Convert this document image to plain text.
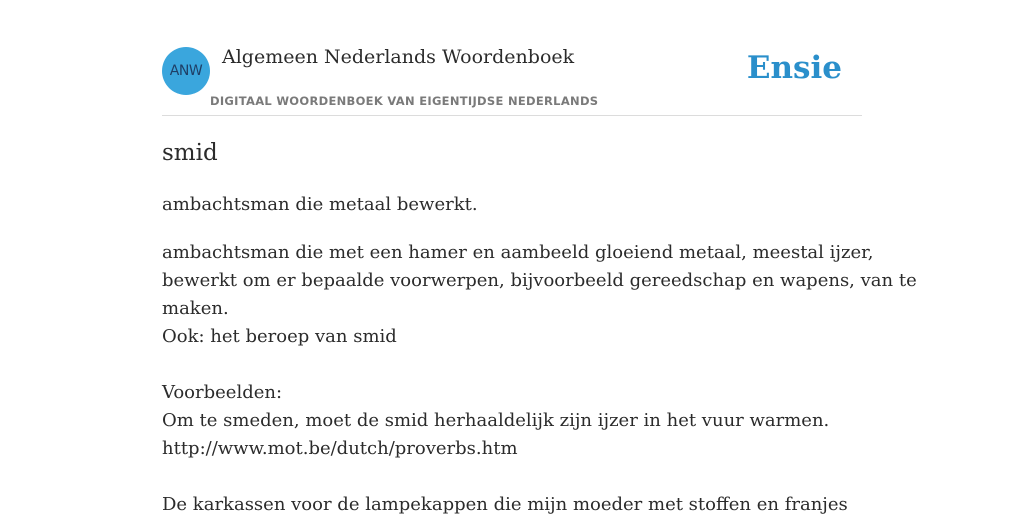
ANW
Algemeen Nederlands Woordenboek
DIGITAAL WOORDENBOEK VAN EIGENTIJDSE NEDERLANDS
Ensie
smid
ambachtsman die metaal bewerkt.
ambachtsman die met een hamer en aambeeld gloeiend metaal, meestal ijzer,
bewerkt om er bepaalde voorwerpen, bijvoorbeeld gereedschap en wapens, van te
maken.
Ook: het beroep van smid
Voorbeelden:
Om te smeden, moet de smid herhaaldelijk zijn ijzer in het vuur warmen.
http://www.mot.be/dutch/proverbs.htm
De karkassen voor de lampekappen die mijn moeder met stoffen en franjes
